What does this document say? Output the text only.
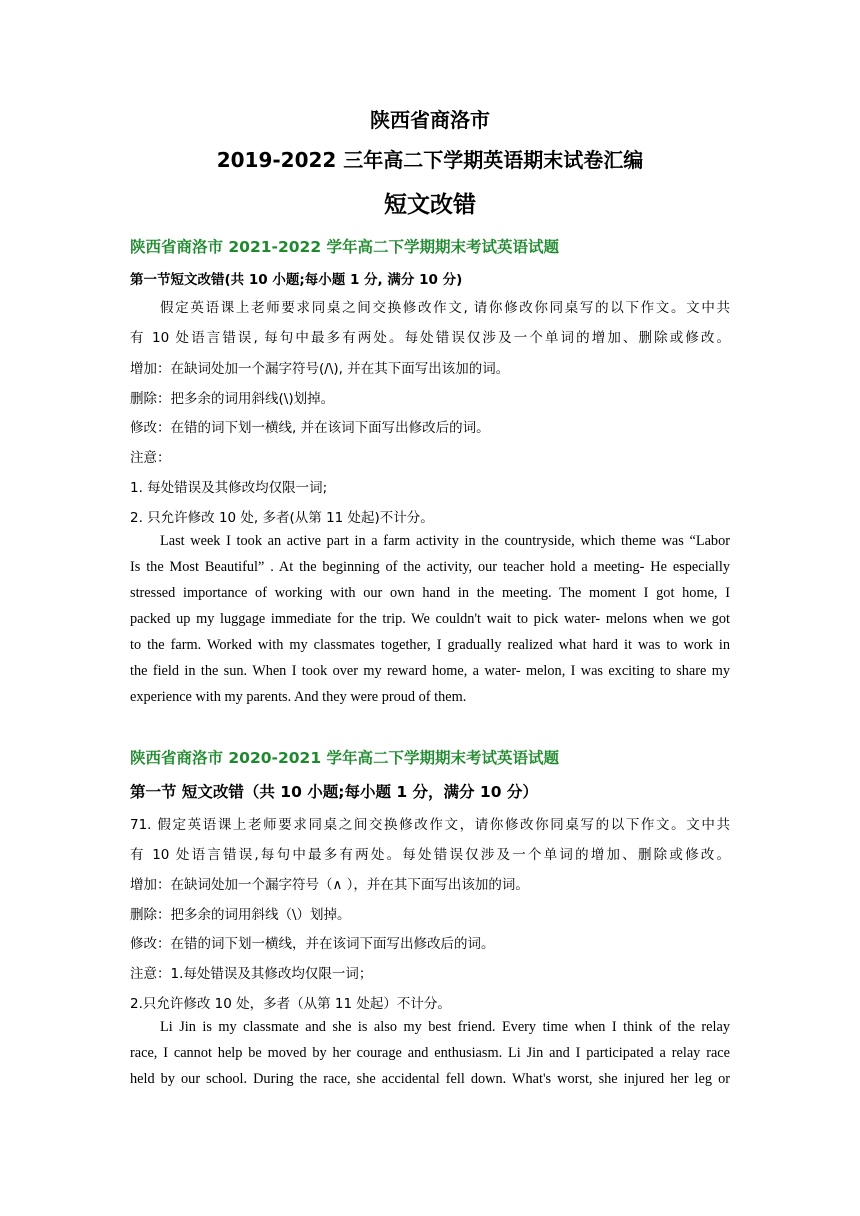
陕西省商洛市
2019-2022 三年高二下学期英语期末试卷汇编
短文改错
陕西省商洛市 2021-2022 学年高二下学期期末考试英语试题
第一节短文改错(共 10 小题;每小题 1 分, 满分 10 分)
假定英语课上老师要求同桌之间交换修改作文, 请你修改你同桌写的以下作文。文中共
有 10 处语言错误, 每句中最多有两处。每处错误仅涉及一个单词的增加、删除或修改。
增加：在缺词处加一个漏字符号(/\), 并在其下面写出该加的词。
删除：把多余的词用斜线(\)划掉。
修改：在错的词下划一横线, 并在该词下面写出修改后的词。
注意：
1. 每处错误及其修改均仅限一词;
2. 只允许修改 10 处, 多者(从第 11 处起)不计分。
Last week I took an active part in a farm activity in the countryside, which theme was “Labor
Is the Most Beautiful” . At the beginning of the activity, our teacher hold a meeting- He especially
stressed importance of working with our own hand in the meeting. The moment I got home, I
packed up my luggage immediate for the trip. We couldn't wait to pick water- melons when we got
to the farm. Worked with my classmates together, I gradually realized what hard it was to work in
the field in the sun. When I took over my reward home, a water- melon, I was exciting to share my
experience with my parents. And they were proud of them.
陕西省商洛市 2020-2021 学年高二下学期期末考试英语试题
第一节 短文改错（共 10 小题;每小题 1 分，满分 10 分）
71. 假定英语课上老师要求同桌之间交换修改作文，请你修改你同桌写的以下作文。文中共
有 10 处语言错误,每句中最多有两处。每处错误仅涉及一个单词的增加、删除或修改。
增加：在缺词处加一个漏字符号（∧ ），并在其下面写出该加的词。
删除：把多余的词用斜线（\）划掉。
修改：在错的词下划一横线，并在该词下面写出修改后的词。
注意：1.每处错误及其修改均仅限一词；
2.只允许修改 10 处，多者（从第 11 处起）不计分。
Li Jin is my classmate and she is also my best friend. Every time when I think of the relay
race, I cannot help be moved by her courage and enthusiasm. Li Jin and I participated a relay race
held by our school. During the race, she accidental fell down. What's worst, she injured her leg or
